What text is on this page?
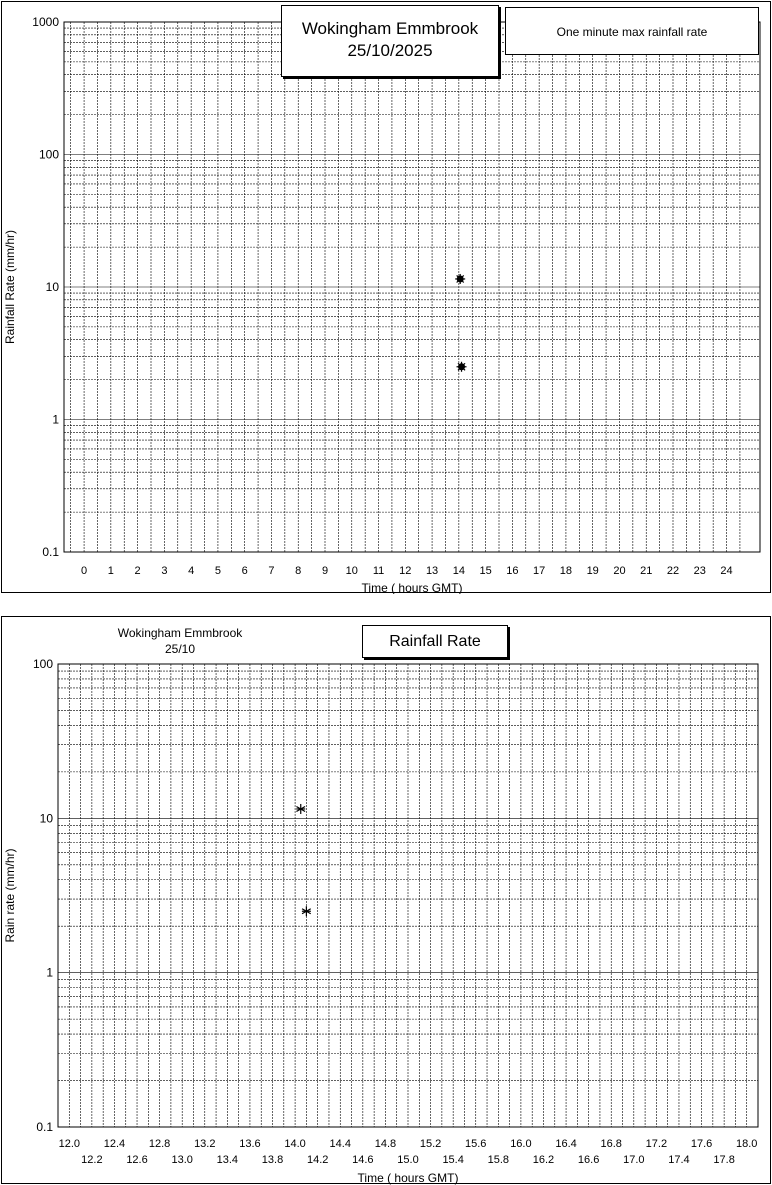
0.1
1
10
100
1000
0 1 2 3 4 5 6 7 8 9 10 11 12 13 14 15 16 17 18 19 20 21 22 23 24
Time ( hours GMT)
Rainfall Rate (mm/hr)
Wokingham Emmbrook
25/10/2025
One minute max rainfall rate
0.1
1
10
100
12.0
12.2
12.4
12.6
12.8
13.0
13.2
13.4
13.6
13.8
14.0
14.2
14.4
14.6
14.8
15.0
15.2
15.4
15.6
15.8
16.0
16.2
16.4
16.6
16.8
17.0
17.2
17.4
17.6
17.8
18.0
Time ( hours GMT)
Rain rate (mm/hr)
Wokingham Emmbrook
25/10	Rainfall Rate
